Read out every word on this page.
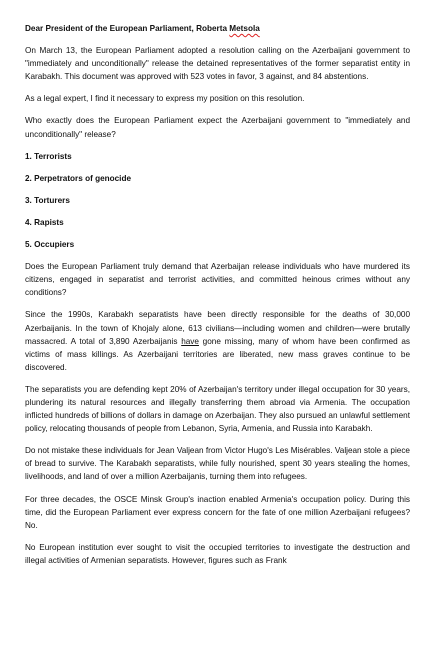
Dear President of the European Parliament, Roberta Metsola

On March 13, the European Parliament adopted a resolution calling on the Azerbaijani government to "immediately and unconditionally" release the detained representatives of the former separatist entity in Karabakh. This document was approved with 523 votes in favor, 3 against, and 84 abstentions.

As a legal expert, I find it necessary to express my position on this resolution.

Who exactly does the European Parliament expect the Azerbaijani government to "immediately and unconditionally" release?

1. Terrorists
2. Perpetrators of genocide
3. Torturers
4. Rapists
5. Occupiers

Does the European Parliament truly demand that Azerbaijan release individuals who have murdered its citizens, engaged in separatist and terrorist activities, and committed heinous crimes without any conditions?

Since the 1990s, Karabakh separatists have been directly responsible for the deaths of 30,000 Azerbaijanis. In the town of Khojaly alone, 613 civilians—including women and children—were brutally massacred. A total of 3,890 Azerbaijanis have gone missing, many of whom have been confirmed as victims of mass killings. As Azerbaijani territories are liberated, new mass graves continue to be discovered.

The separatists you are defending kept 20% of Azerbaijan's territory under illegal occupation for 30 years, plundering its natural resources and illegally transferring them abroad via Armenia. The occupation inflicted hundreds of billions of dollars in damage on Azerbaijan. They also pursued an unlawful settlement policy, relocating thousands of people from Lebanon, Syria, Armenia, and Russia into Karabakh.

Do not mistake these individuals for Jean Valjean from Victor Hugo's Les Misérables. Valjean stole a piece of bread to survive. The Karabakh separatists, while fully nourished, spent 30 years stealing the homes, livelihoods, and land of over a million Azerbaijanis, turning them into refugees.

For three decades, the OSCE Minsk Group's inaction enabled Armenia's occupation policy. During this time, did the European Parliament ever express concern for the fate of one million Azerbaijani refugees? No.

No European institution ever sought to visit the occupied territories to investigate the destruction and illegal activities of Armenian separatists. However, figures such as Frank
